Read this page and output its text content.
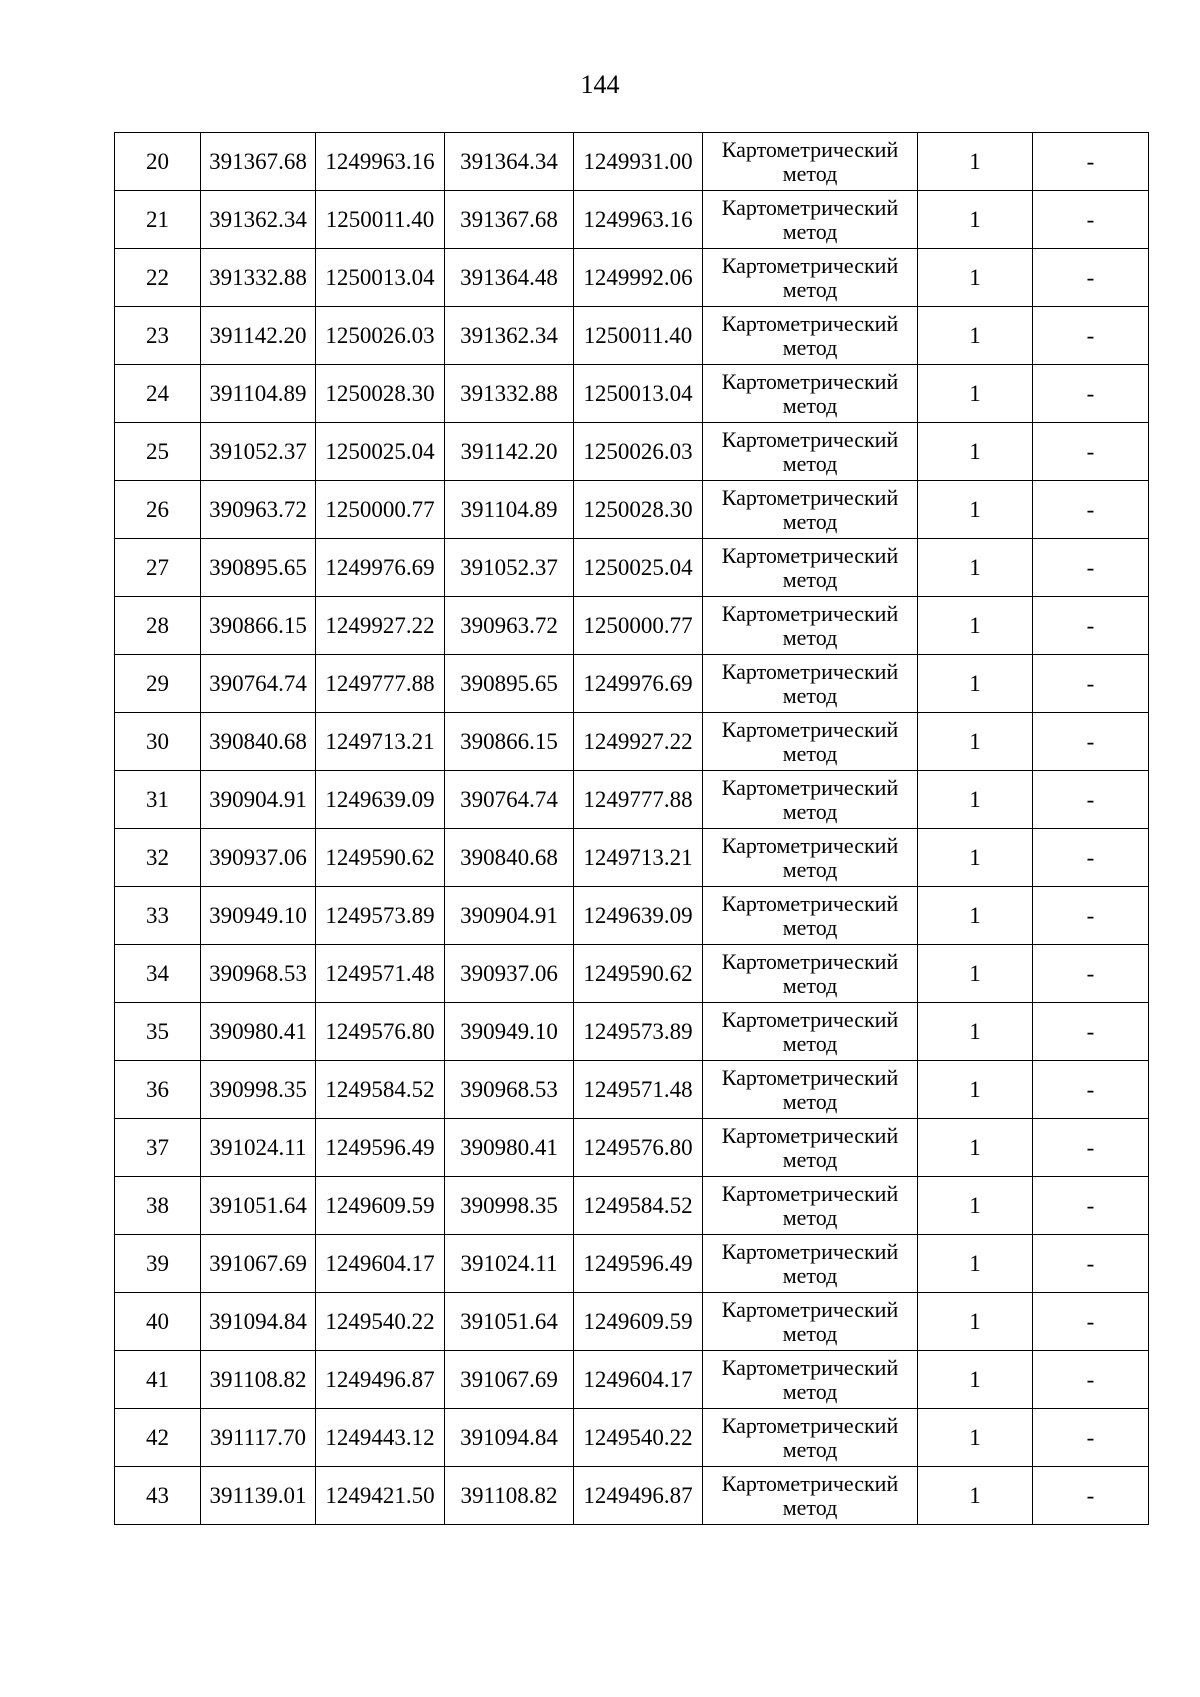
144
20	391367.68	1249963.16	391364.34	1249931.00	Картометрический
метод	1	-
21	391362.34	1250011.40	391367.68	1249963.16	Картометрический
метод	1	-
22	391332.88	1250013.04	391364.48	1249992.06	Картометрический
метод	1	-
23	391142.20	1250026.03	391362.34	1250011.40	Картометрический
метод	1	-
24	391104.89	1250028.30	391332.88	1250013.04	Картометрический
метод	1	-
25	391052.37	1250025.04	391142.20	1250026.03	Картометрический
метод	1	-
26	390963.72	1250000.77	391104.89	1250028.30	Картометрический
метод	1	-
27	390895.65	1249976.69	391052.37	1250025.04	Картометрический
метод	1	-
28	390866.15	1249927.22	390963.72	1250000.77	Картометрический
метод	1	-
29	390764.74	1249777.88	390895.65	1249976.69	Картометрический
метод	1	-
30	390840.68	1249713.21	390866.15	1249927.22	Картометрический
метод	1	-
31	390904.91	1249639.09	390764.74	1249777.88	Картометрический
метод	1	-
32	390937.06	1249590.62	390840.68	1249713.21	Картометрический
метод	1	-
33	390949.10	1249573.89	390904.91	1249639.09	Картометрический
метод	1	-
34	390968.53	1249571.48	390937.06	1249590.62	Картометрический
метод	1	-
35	390980.41	1249576.80	390949.10	1249573.89	Картометрический
метод	1	-
36	390998.35	1249584.52	390968.53	1249571.48	Картометрический
метод	1	-
37	391024.11	1249596.49	390980.41	1249576.80	Картометрический
метод	1	-
38	391051.64	1249609.59	390998.35	1249584.52	Картометрический
метод	1	-
39	391067.69	1249604.17	391024.11	1249596.49	Картометрический
метод	1	-
40	391094.84	1249540.22	391051.64	1249609.59	Картометрический
метод	1	-
41	391108.82	1249496.87	391067.69	1249604.17	Картометрический
метод	1	-
42	391117.70	1249443.12	391094.84	1249540.22	Картометрический
метод	1	-
43	391139.01	1249421.50	391108.82	1249496.87	Картометрический
метод	1	-
